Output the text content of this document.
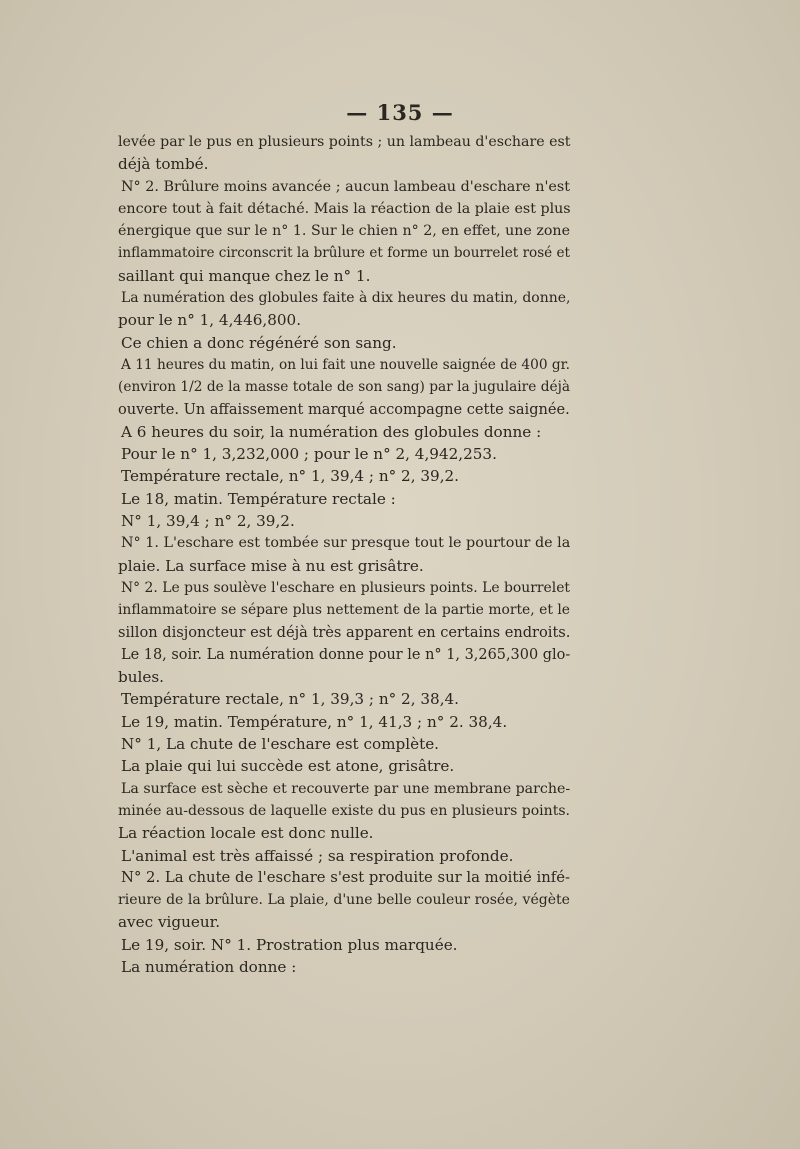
— 135 —
levée par le pus en plusieurs points ; un lambeau d'eschare est
déjà tombé.
N° 2. Brûlure moins avancée ; aucun lambeau d'eschare n'est
encore tout à fait détaché. Mais la réaction de la plaie est plus
énergique que sur le n° 1. Sur le chien n° 2, en effet, une zone
inflammatoire circonscrit la brûlure et forme un bourrelet rosé et
saillant qui manque chez le n° 1.
La numération des globules faite à dix heures du matin, donne,
pour le n° 1, 4,446,800.
Ce chien a donc régénéré son sang.
A 11 heures du matin, on lui fait une nouvelle saignée de 400 gr.
(environ 1/2 de la masse totale de son sang) par la jugulaire déjà
ouverte. Un affaissement marqué accompagne cette saignée.
A 6 heures du soir, la numération des globules donne :
Pour le n° 1, 3,232,000 ; pour le n° 2, 4,942,253.
Température rectale, n° 1, 39,4 ; n° 2, 39,2.
Le 18, matin. Température rectale :
N° 1, 39,4 ; n° 2, 39,2.
N° 1. L'eschare est tombée sur presque tout le pourtour de la
plaie. La surface mise à nu est grisâtre.
N° 2. Le pus soulève l'eschare en plusieurs points. Le bourrelet
inflammatoire se sépare plus nettement de la partie morte, et le
sillon disjoncteur est déjà très apparent en certains endroits.
Le 18, soir. La numération donne pour le n° 1, 3,265,300 glo-
bules.
Température rectale, n° 1, 39,3 ; n° 2, 38,4.
Le 19, matin. Température, n° 1, 41,3 ; n° 2. 38,4.
N° 1, La chute de l'eschare est complète.
La plaie qui lui succède est atone, grisâtre.
La surface est sèche et recouverte par une membrane parche-
minée au-dessous de laquelle existe du pus en plusieurs points.
La réaction locale est donc nulle.
L'animal est très affaissé ; sa respiration profonde.
N° 2. La chute de l'eschare s'est produite sur la moitié infé-
rieure de la brûlure. La plaie, d'une belle couleur rosée, végète
avec vigueur.
Le 19, soir. N° 1. Prostration plus marquée.
La numération donne :
